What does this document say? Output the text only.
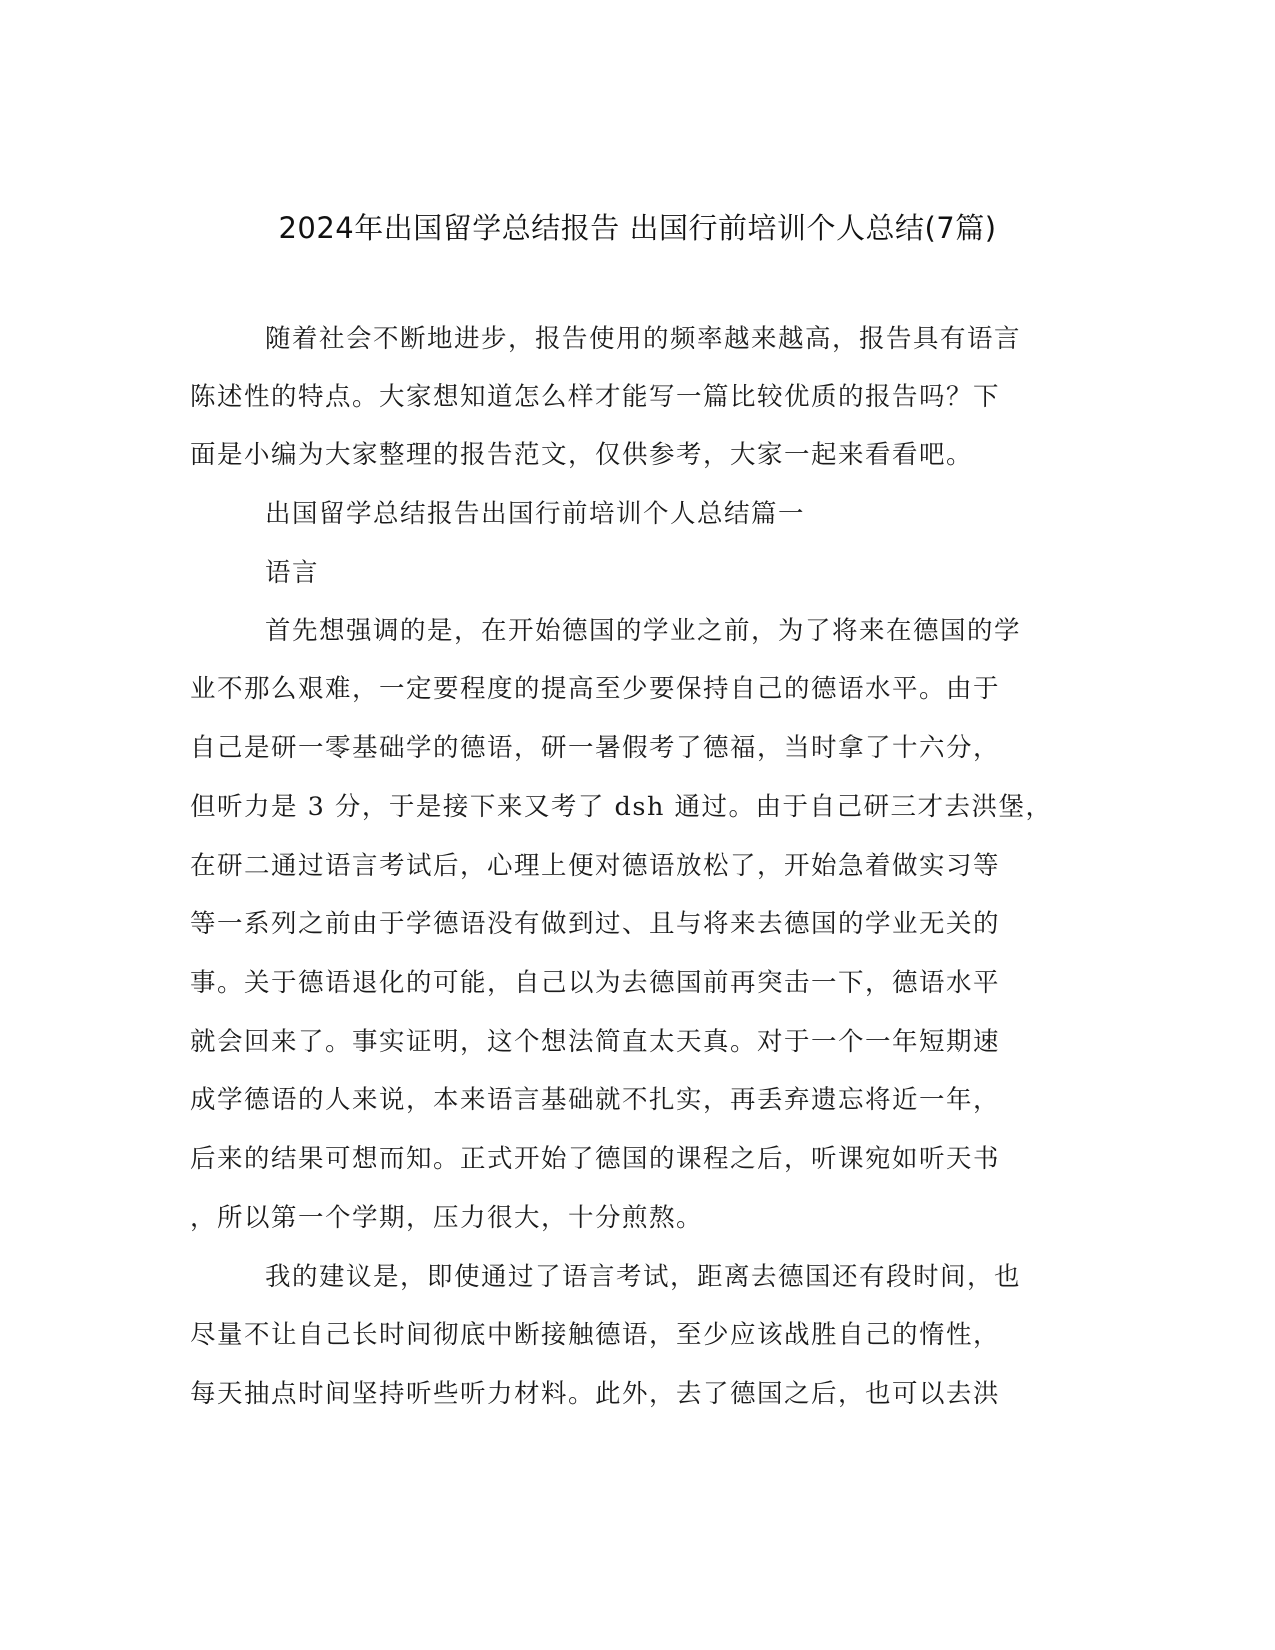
2024年出国留学总结报告 出国行前培训个人总结(7篇)
随着社会不断地进步，报告使用的频率越来越高，报告具有语言
陈述性的特点。大家想知道怎么样才能写一篇比较优质的报告吗？下
面是小编为大家整理的报告范文，仅供参考，大家一起来看看吧。
出国留学总结报告出国行前培训个人总结篇一
语言
首先想强调的是，在开始德国的学业之前，为了将来在德国的学
业不那么艰难，一定要程度的提高至少要保持自己的德语水平。由于
自己是研一零基础学的德语，研一暑假考了德福，当时拿了十六分，
但听力是 3 分，于是接下来又考了 dsh 通过。由于自己研三才去洪堡，
在研二通过语言考试后，心理上便对德语放松了，开始急着做实习等
等一系列之前由于学德语没有做到过、且与将来去德国的学业无关的
事。关于德语退化的可能，自己以为去德国前再突击一下，德语水平
就会回来了。事实证明，这个想法简直太天真。对于一个一年短期速
成学德语的人来说，本来语言基础就不扎实，再丢弃遗忘将近一年，
后来的结果可想而知。正式开始了德国的课程之后，听课宛如听天书
，所以第一个学期，压力很大，十分煎熬。
我的建议是，即使通过了语言考试，距离去德国还有段时间，也
尽量不让自己长时间彻底中断接触德语，至少应该战胜自己的惰性，
每天抽点时间坚持听些听力材料。此外，去了德国之后，也可以去洪
